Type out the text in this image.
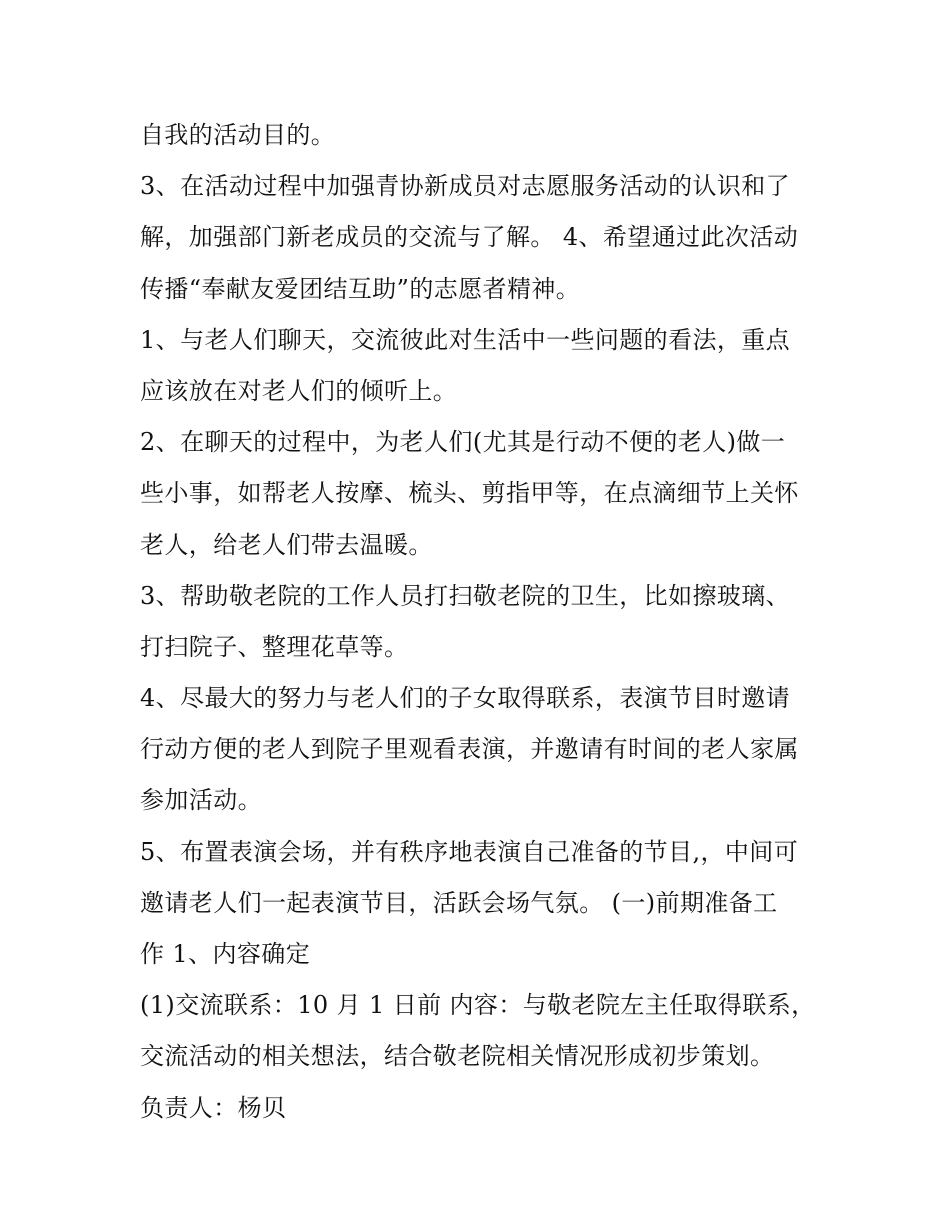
自我的活动目的。
3、在活动过程中加强青协新成员对志愿服务活动的认识和了
解，加强部门新老成员的交流与了解。 4、希望通过此次活动
传播“奉献友爱团结互助”的志愿者精神。
1、与老人们聊天，交流彼此对生活中一些问题的看法，重点
应该放在对老人们的倾听上。
2、在聊天的过程中，为老人们(尤其是行动不便的老人)做一
些小事，如帮老人按摩、梳头、剪指甲等，在点滴细节上关怀
老人，给老人们带去温暖。
3、帮助敬老院的工作人员打扫敬老院的卫生，比如擦玻璃、
打扫院子、整理花草等。
4、尽最大的努力与老人们的子女取得联系，表演节目时邀请
行动方便的老人到院子里观看表演，并邀请有时间的老人家属
参加活动。
5、布置表演会场，并有秩序地表演自己准备的节目,，中间可
邀请老人们一起表演节目，活跃会场气氛。 (一)前期准备工
作 1、内容确定
(1)交流联系：10 月 1 日前 内容：与敬老院左主任取得联系，
交流活动的相关想法，结合敬老院相关情况形成初步策划。
负责人：杨贝
